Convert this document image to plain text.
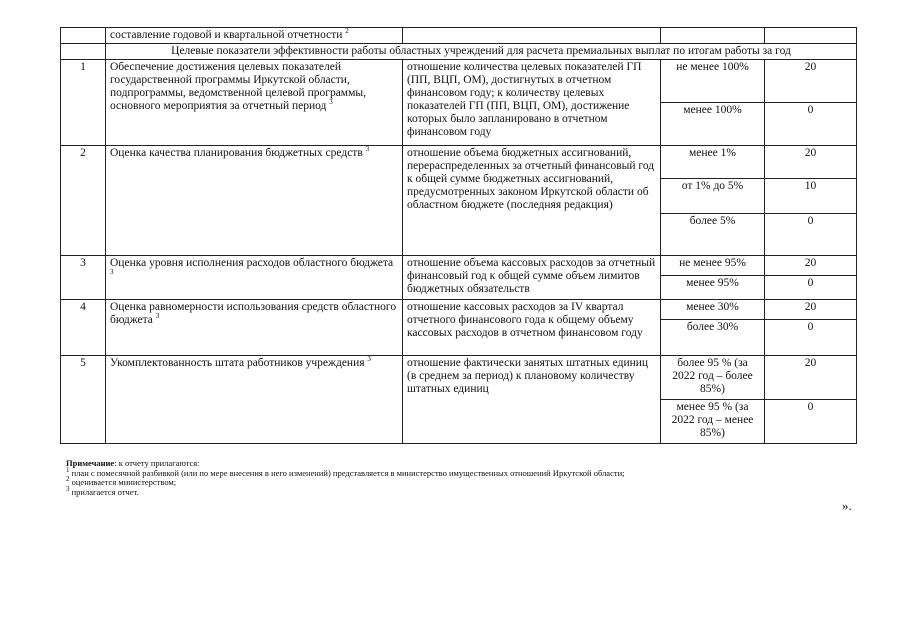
	составление годовой и квартальной отчетности $^2$			
	Целевые показатели эффективности работы областных учреждений для расчета премиальных выплат по итогам работы за год			
1	Обеспечение достижения целевых показателей государственной программы Иркутской области, подпрограммы, ведомственной целевой программы, основного мероприятия за отчетный период $^3$	отношение количества целевых показателей ГП (ПП, ВЦП, ОМ), достигнутых в отчетном финансовом году; к количеству целевых показателей ГП (ПП, ВЦП, ОМ), достижение которых было запланировано в отчетном финансовом году	не менее 100%	20
			менее 100%	0
2	Оценка качества планирования бюджетных средств $^3$	отношение объема бюджетных ассигнований, перераспределенных за отчетный финансовый год к общей сумме бюджетных ассигнований, предусмотренных законом Иркутской области об областном бюджете (последняя редакция)	менее 1%	20
			от 1% до 5%	10
			более 5%	0
3	Оценка уровня исполнения расходов областного бюджета $^3$	отношение объема кассовых расходов за отчетный финансовый год к общей сумме объем лимитов бюджетных обязательств	не менее 95%	20
			менее 95%	0
4	Оценка равномерности использования средств областного бюджета $^3$	отношение кассовых расходов за IV квартал отчетного финансового года к общему объему кассовых расходов в отчетном финансовом году	менее 30%	20
			более 30%	0
5	Укомплектованность штата работников учреждения $^3$	отношение фактически занятых штатных единиц (в среднем за период) к плановому количеству штатных единиц	более 95 % (за 2022 год – более 85%)	20
			менее 95 % (за 2022 год – менее 85%)	0
Примечание: к отчету прилагаются:
$^1$ план с помесячной разбивкой (или по мере внесения в него изменений) представляется в министерство имущественных отношений Иркутской области;
$^2$ оценивается министерством;
$^3$ прилагается отчет.
».
